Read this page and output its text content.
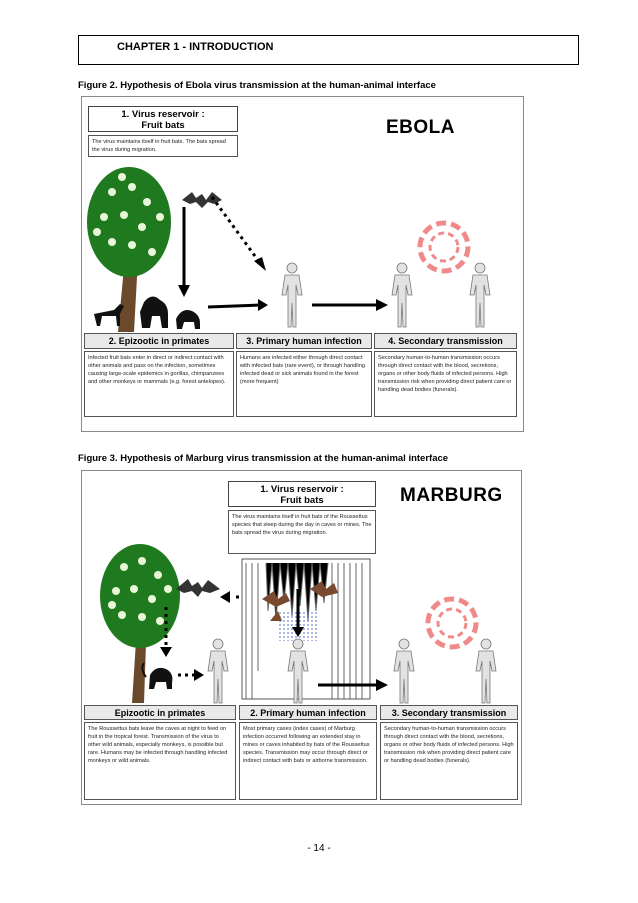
CHAPTER 1 - INTRODUCTION
Figure 2. Hypothesis of Ebola virus transmission at the human-animal interface
1. Virus reservoir :
Fruit bats
The virus maintains itself in fruit bats. The bats spread the virus during migration.
EBOLA
2. Epizootic in primates	3. Primary human infection	4. Secondary transmission
Infected fruit bats enter in direct or indirect contact with other animals and pass on the infection, sometimes causing large-scale epidemics in gorillas, chimpanzees and other monkeys or mammals (e.g. forest antelopes).
Humans are infected either through direct contact with infected bats (rare event), or through handling infected dead or sick animals found in the forest (more frequent)
Secondary human-to-human transmission occurs through direct contact with the blood, secretions, organs or other body fluids of infected persons. High transmission risk when providing direct patient care or handling dead bodies (funerals).
Figure 3. Hypothesis of Marburg virus transmission at the human-animal interface
1. Virus reservoir :
Fruit bats
The virus maintains itself in fruit bats of the Roussettus species that sleep during the day in caves or mines. The bats spread the virus during migration.
MARBURG
Epizootic in primates	2. Primary human infection	3. Secondary transmission
The Roussettus bats leave the caves at night to feed on fruit in the tropical forest. Transmission of the virus to other wild animals, especially monkeys, is possible but rare. Humans may be infected through handling infected monkeys or wild animals.
Most primary cases (index cases) of Marburg infection occurred following an extended stay in mines or caves inhabited by bats of the Roussettus species. Transmission may occur through direct or indirect contact with bats or airborne transmission.
Secondary human-to-human transmission occurs through direct contact with the blood, secretions, organs or other body fluids of infected persons. High transmission risk when providing direct patient care or handling dead bodies (funerals).
- 14 -
